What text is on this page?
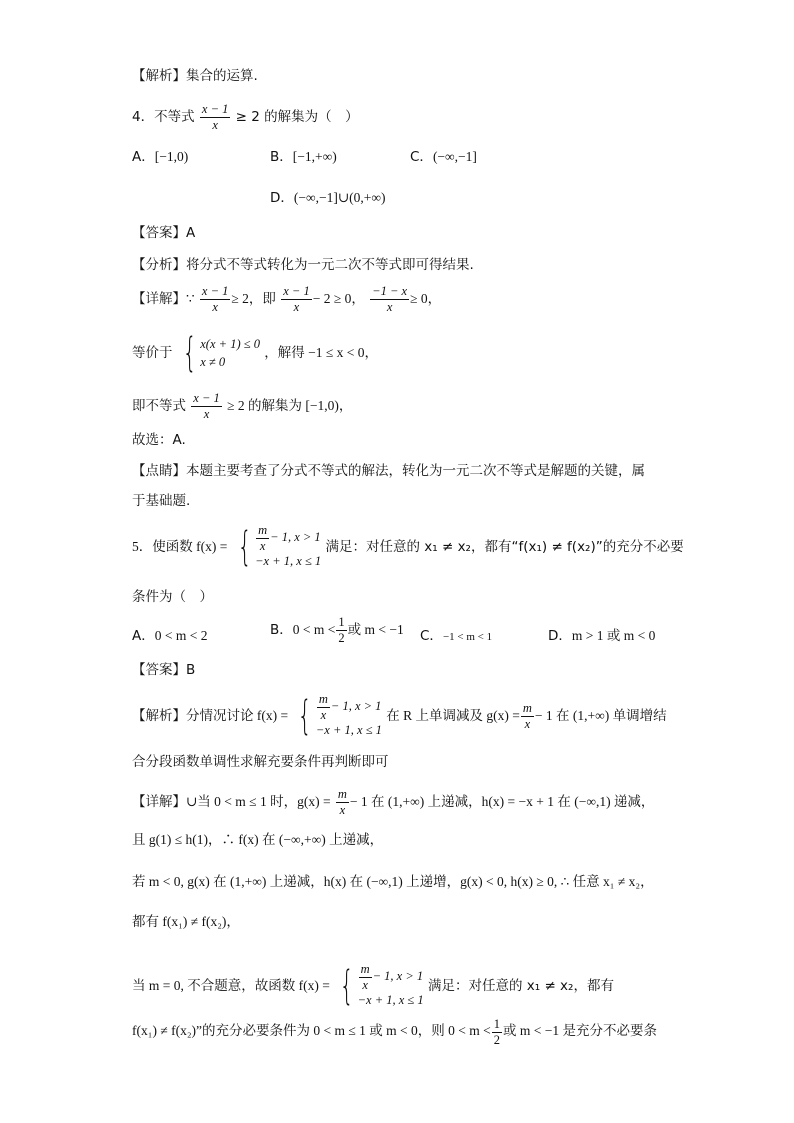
【解析】集合的运算.
4．不等式 $\frac{x - 1}{x} \ge 2$ 的解集为（　）
A．[−1,0)	B．[−1,+∞)	C．(−∞,−1]
D．(−∞,−1]∪(0,+∞)
【答案】A
【分析】将分式不等式转化为一元二次不等式即可得结果.
【详解】∵ $\frac{x - 1}{x} \ge 2$，即 $\frac{x - 1}{x} - 2 \ge 0$， $\frac{-1 - x}{x} \ge 0$，
等价于 { x(x + 1) ≤ 0
x ≠ 0
，解得 −1 ≤ x < 0，
即不等式 $\frac{x - 1}{x} \ge 2$ 的解集为 [−1,0)，
故选：A.
【点睛】本题主要考查了分式不等式的解法，转化为一元二次不等式是解题的关键，属
于基础题.
5．使函数 f(x) = { $\frac{m}{x} - 1$, x > 1
−x + 1, x ≤ 1
满足：对任意的 x₁ ≠ x₂，都有“f(x₁) ≠ f(x₂)”的充分不必要
条件为（　）
A．0 < m < 2	B．$0 < m < \frac{1}{2}$ 或 m < −1 C．−1 < m < 1	D．m > 1 或 m < 0
【答案】B
【解析】分情况讨论 f(x) = { $\frac{m}{x} - 1$, x > 1
−x + 1, x ≤ 1
在 R 上单调减及 $g(x) = \frac{m}{x} - 1$ 在 (1,+∞) 单调增结
合分段函数单调性求解充要条件再判断即可
【详解】∪当 0 < m ≤ 1 时，$g(x) = \frac{m}{x} - 1$ 在 (1,+∞) 上递减，h(x) = −x + 1 在 (−∞,1) 递减，
且 g(1) ≤ h(1)，∴ f(x) 在 (−∞,+∞) 上递减，
若 m < 0, g(x) 在 (1,+∞) 上递减，h(x) 在 (−∞,1) 上递增，g(x) < 0, h(x) ≥ 0, ∴ 任意 x₁ ≠ x₂，
都有 f(x₁) ≠ f(x₂)，
当 m = 0, 不合题意，故函数 f(x) = { $\frac{m}{x} - 1$, x > 1
−x + 1, x ≤ 1
满足：对任意的 x₁ ≠ x₂，都有
f(x₁) ≠ f(x₂)”的充分必要条件为 0 < m ≤ 1 或 m < 0，则 $0 < m < \frac{1}{2}$ 或 m < −1 是充分不必要条
